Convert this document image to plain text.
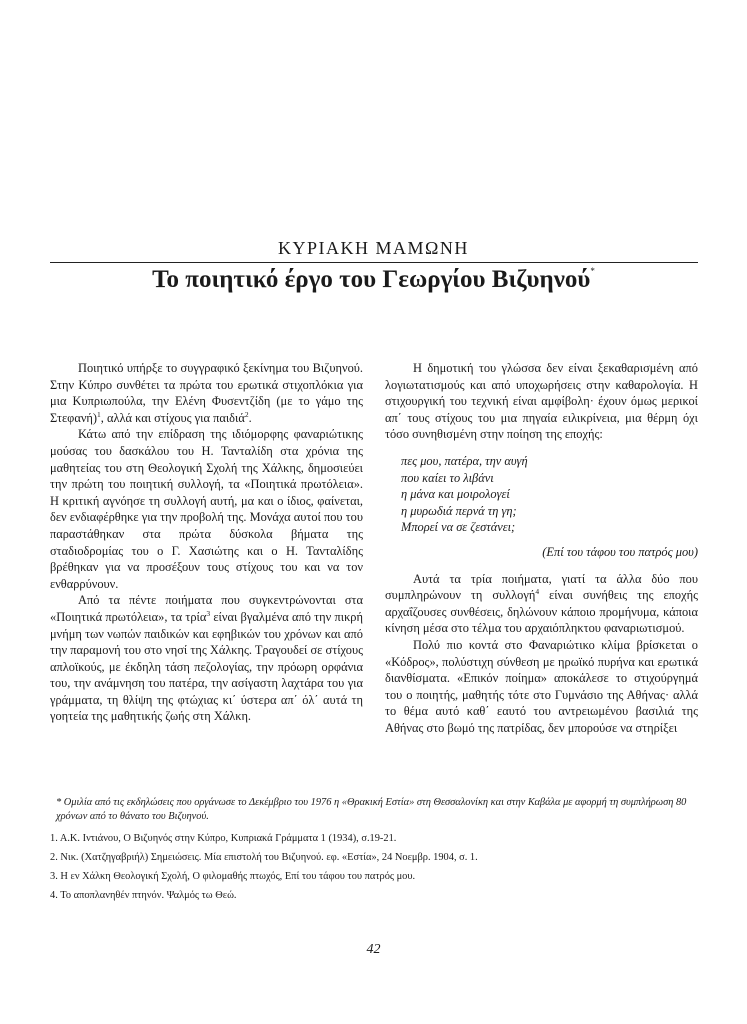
ΚΥΡΙΑΚΗ ΜΑΜΩΝΗ
Το ποιητικό έργο του Γεωργίου Βιζυηνού*

Ποιητικό υπήρξε το συγγραφικό ξεκίνημα του Βιζυηνού. Στην Κύπρο συνθέτει τα πρώτα του ερωτικά στιχοπλόκια για μια Κυπριωπούλα, την Ελένη Φυσεντζίδη (με το γάμο της Στεφανή)$^1$, αλλά και στίχους για παιδιά$^2$.

Κάτω από την επίδραση της ιδιόμορφης φαναριώτικης μούσας του δασκάλου του Η. Τανταλίδη στα χρόνια της μαθητείας του στη Θεολογική Σχολή της Χάλκης, δημοσιεύει την πρώτη του ποιητική συλλογή, τα «Ποιητικά πρωτόλεια». Η κριτική αγνόησε τη συλλογή αυτή, μα και ο ίδιος, φαίνεται, δεν ενδιαφέρθηκε για την προβολή της. Μονάχα αυτοί που του παραστάθηκαν στα πρώτα δύσκολα βήματα της σταδιοδρομίας του ο Γ. Χασιώτης και ο Η. Τανταλίδης βρέθηκαν για να προσέξουν τους στίχους του και να τον ενθαρρύνουν.

Από τα πέντε ποιήματα που συγκεντρώνονται στα «Ποιητικά πρωτόλεια», τα τρία$^3$ είναι βγαλμένα από την πικρή μνήμη των νωπών παιδικών και εφηβικών του χρόνων και από την παραμονή του στο νησί της Χάλκης. Τραγουδεί σε στίχους απλοϊκούς, με έκδηλη τάση πεζολογίας, την πρόωρη ορφάνια του, την ανάμνηση του πατέρα, την ασίγαστη λαχτάρα του για γράμματα, τη θλίψη της φτώχιας κι΄ ύστερα απ΄ όλ΄ αυτά τη γοητεία της μαθητικής ζωής στη Χάλκη.

Η δημοτική του γλώσσα δεν είναι ξεκαθαρισμένη από λογιωτατισμούς και από υποχωρήσεις στην καθαρολογία. Η στιχουργική του τεχνική είναι αμφίβολη· έχουν όμως μερικοί απ΄ τους στίχους του μια πηγαία ειλικρίνεια, μια θέρμη όχι τόσο συνηθισμένη στην ποίηση της εποχής:

πες μου, πατέρα, την αυγή
που καίει το λιβάνι
η μάνα και μοιρολογεί
η μυρωδιά περνά τη γη;
Μπορεί να σε ζεστάνει;
(Επί του τάφου του πατρός μου)

Αυτά τα τρία ποιήματα, γιατί τα άλλα δύο που συμπληρώνουν τη συλλογή$^4$ είναι συνήθεις της εποχής αρχαΐζουσες συνθέσεις, δηλώνουν κάποιο προμήνυμα, κάποια κίνηση μέσα στο τέλμα του αρχαιόπληκτου φαναριωτισμού.

Πολύ πιο κοντά στο Φαναριώτικο κλίμα βρίσκεται ο «Κόδρος», πολύστιχη σύνθεση με ηρωϊκό πυρήνα και ερωτικά διανθίσματα. «Επικόν ποίημα» αποκάλεσε το στιχούργημά του ο ποιητής, μαθητής τότε στο Γυμνάσιο της Αθήνας· αλλά το θέμα αυτό καθ΄ εαυτό του αντρειωμένου βασιλιά της Αθήνας στο βωμό της πατρίδας, δεν μπορούσε να στηρίξει

* Ομιλία από τις εκδηλώσεις που οργάνωσε το Δεκέμβριο του 1976 η «Θρακική Εστία» στη Θεσσαλονίκη και στην Καβάλα με αφορμή τη συμπλήρωση 80 χρόνων από το θάνατο του Βιζυηνού.
1. Α.Κ. Ιντιάνου, Ο Βιζυηνός στην Κύπρο, Κυπριακά Γράμματα 1 (1934), σ.19-21.
2. Νικ. (Χατζηγαβριήλ) Σημειώσεις. Μία επιστολή του Βιζυηνού. εφ. «Εστία», 24 Νοεμβρ. 1904, σ. 1.
3. Η εν Χάλκη Θεολογική Σχολή, Ο φιλομαθής πτωχός, Επί του τάφου του πατρός μου.
4. Το αποπλανηθέν πτηνόν. Ψαλμός τω Θεώ.
42
